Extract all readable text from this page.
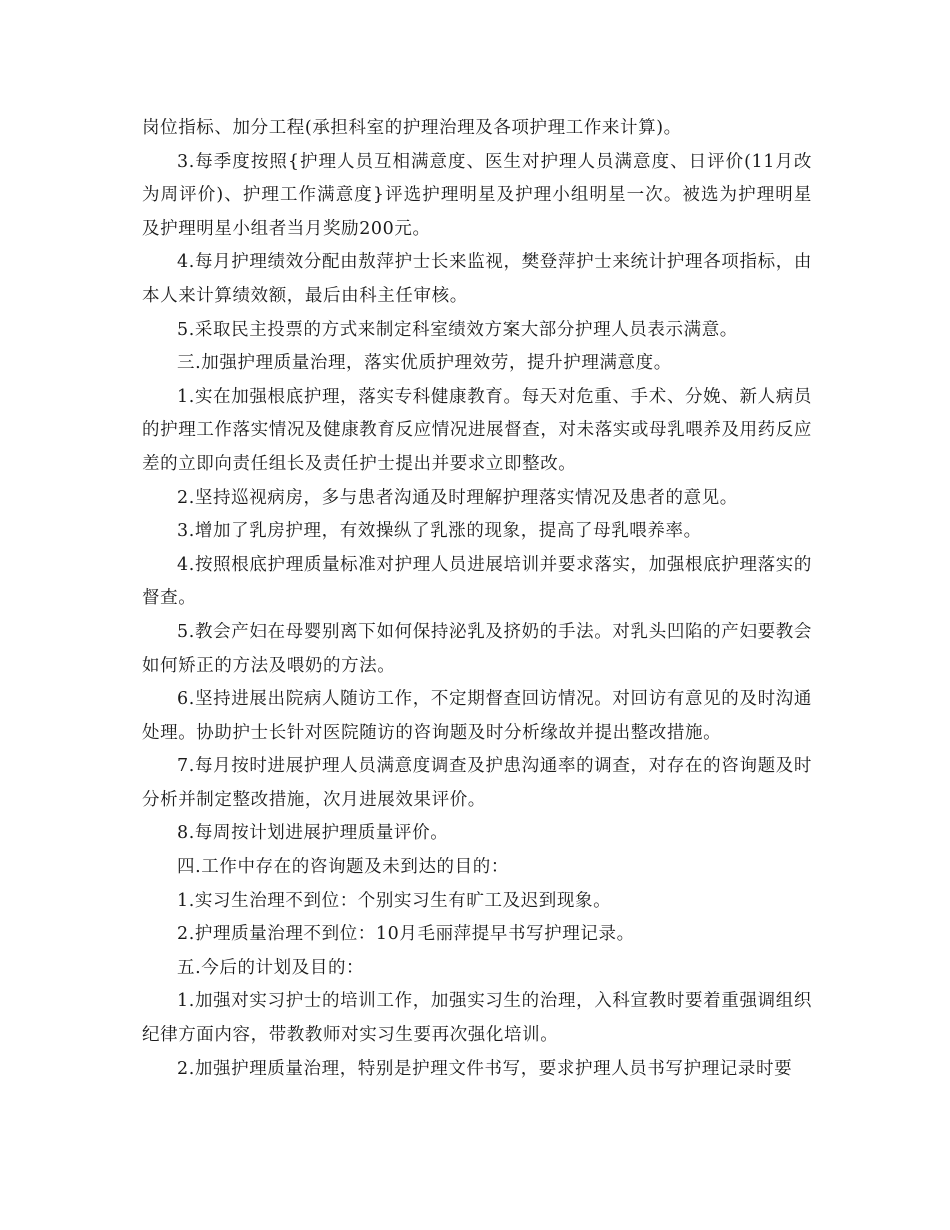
岗位指标、加分工程(承担科室的护理治理及各项护理工作来计算)。

3.每季度按照{护理人员互相满意度、医生对护理人员满意度、日评价(11月改为周评价)、护理工作满意度}评选护理明星及护理小组明星一次。被选为护理明星及护理明星小组者当月奖励200元。

4.每月护理绩效分配由敖萍护士长来监视，樊登萍护士来统计护理各项指标，由本人来计算绩效额，最后由科主任审核。

5.采取民主投票的方式来制定科室绩效方案大部分护理人员表示满意。

三.加强护理质量治理，落实优质护理效劳，提升护理满意度。

1.实在加强根底护理，落实专科健康教育。每天对危重、手术、分娩、新人病员的护理工作落实情况及健康教育反应情况进展督查，对未落实或母乳喂养及用药反应差的立即向责任组长及责任护士提出并要求立即整改。

2.坚持巡视病房，多与患者沟通及时理解护理落实情况及患者的意见。

3.增加了乳房护理，有效操纵了乳涨的现象，提高了母乳喂养率。

4.按照根底护理质量标准对护理人员进展培训并要求落实，加强根底护理落实的督查。

5.教会产妇在母婴别离下如何保持泌乳及挤奶的手法。对乳头凹陷的产妇要教会如何矫正的方法及喂奶的方法。

6.坚持进展出院病人随访工作，不定期督查回访情况。对回访有意见的及时沟通处理。协助护士长针对医院随访的咨询题及时分析缘故并提出整改措施。

7.每月按时进展护理人员满意度调查及护患沟通率的调查，对存在的咨询题及时分析并制定整改措施，次月进展效果评价。

8.每周按计划进展护理质量评价。

四.工作中存在的咨询题及未到达的目的：

1.实习生治理不到位：个别实习生有旷工及迟到现象。

2.护理质量治理不到位：10月毛丽萍提早书写护理记录。

五.今后的计划及目的：

1.加强对实习护士的培训工作，加强实习生的治理，入科宣教时要着重强调组织纪律方面内容，带教教师对实习生要再次强化培训。

2.加强护理质量治理，特别是护理文件书写，要求护理人员书写护理记录时要
